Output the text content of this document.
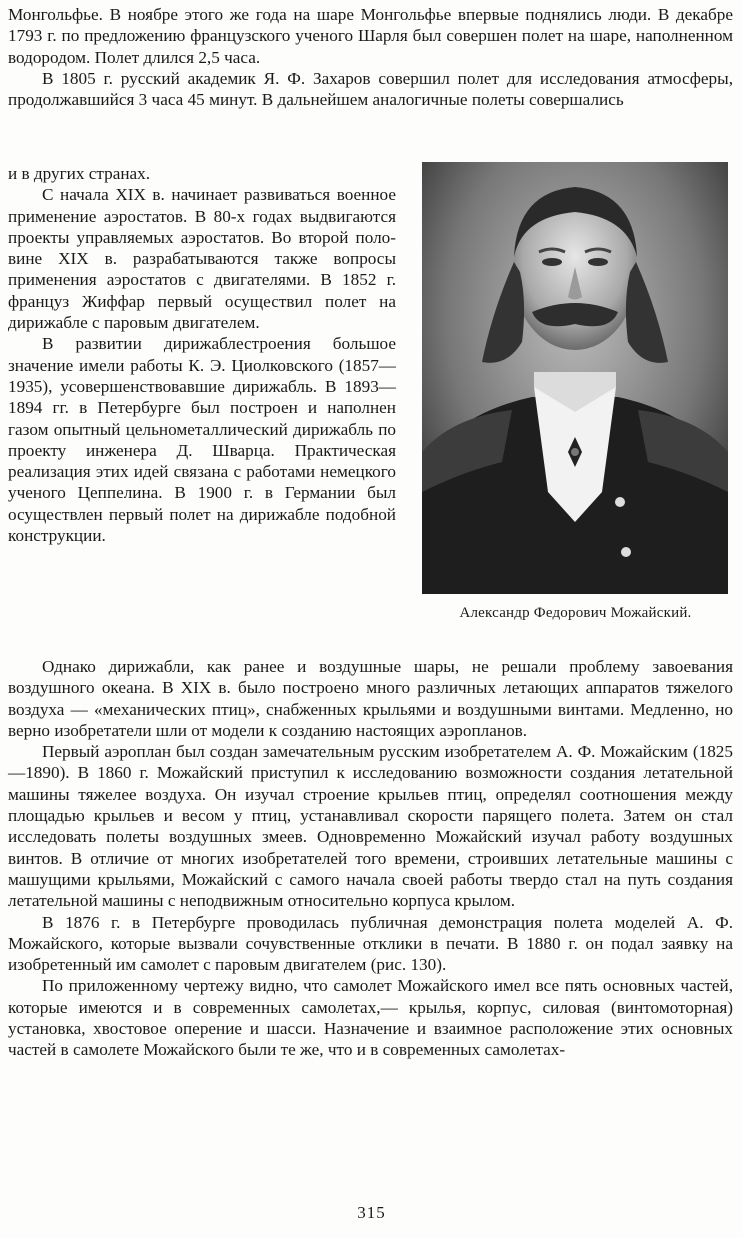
Монгольфье. В ноябре этого же года на шаре Монгольфье впервые поднялись люди. В декабре 1793 г. по предложению французского ученого Шарля был совершен полет на шаре, наполненном водородом. Полет длился 2,5 часа.

В 1805 г. русский академик Я. Ф. Захаров совершил полет для исследования атмосферы, продолжавшийся 3 часа 45 минут. В дальнейшем аналогичные полеты совершались

и в других странах.

С начала XIX в. начинает развиваться военное применение аэростатов. В 80-х годах выдвигаются проекты управляемых аэростатов. Во второй половине XIX в. разрабатываются также вопросы применения аэростатов с двигателями. В 1852 г. француз Жиффар первый осуществил полет на дирижабле с паровым двигателем.

В развитии дирижаблестроения большое значение имели работы К. Э. Циолковского (1857—1935), усовершенствовавшие дирижабль. В 1893—1894 гг. в Петербурге был построен и наполнен газом опытный цельнометаллический дирижабль по проекту инженера Д. Шварца. Практическая реализация этих идей связана с работами немецкого ученого Цеппелина. В 1900 г. в Германии был осуществлен первый полет на дирижабле подобной конструкции.

Александр Федорович Можайский.

Однако дирижабли, как ранее и воздушные шары, не решали проблему завоевания воздушного океана. В XIX в. было построено много различных летающих аппаратов тяжелого воздуха — «механических птиц», снабженных крыльями и воздушными винтами. Медленно, но верно изобретатели шли от модели к созданию настоящих аэропланов.

Первый аэроплан был создан замечательным русским изобретателем А. Ф. Можайским (1825—1890). В 1860 г. Можайский приступил к исследованию возможности создания летательной машины тяжелее воздуха. Он изучал строение крыльев птиц, определял соотношения между площадью крыльев и весом у птиц, устанавливал скорости парящего полета. Затем он стал исследовать полеты воздушных змеев. Одновременно Можайский изучал работу воздушных винтов. В отличие от многих изобретателей того времени, строивших летательные машины с машущими крыльями, Можайский с самого начала своей работы твердо стал на путь создания летательной машины с неподвижным относительно корпуса крылом.

В 1876 г. в Петербурге проводилась публичная демонстрация полета моделей А. Ф. Можайского, которые вызвали сочувственные отклики в печати. В 1880 г. он подал заявку на изобретенный им самолет с паровым двигателем (рис. 130).

По приложенному чертежу видно, что самолет Можайского имел все пять основных частей, которые имеются и в современных самолетах,— крылья, корпус, силовая (винтомоторная) установка, хвостовое оперение и шасси. Назначение и взаимное расположение этих основных частей в самолете Можайского были те же, что и в современных самолетах-

315
